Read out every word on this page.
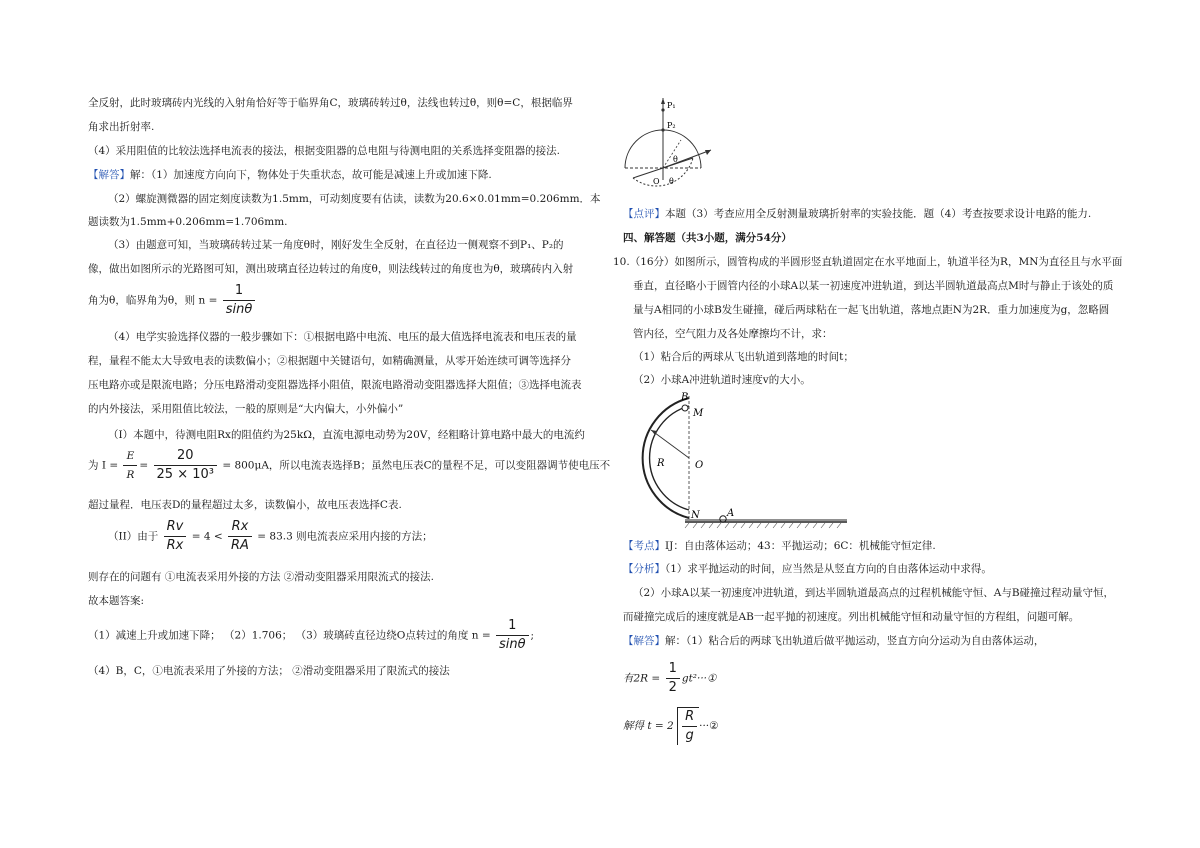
全反射，此时玻璃砖内光线的入射角恰好等于临界角C，玻璃砖转过θ，法线也转过θ，则θ=C，根据临界
角求出折射率.
（4）采用阻值的比较法选择电流表的接法，根据变阻器的总电阻与待测电阻的关系选择变阻器的接法.
【解答】解：（1）加速度方向向下，物体处于失重状态，故可能是减速上升或加速下降.
（2）螺旋测微器的固定刻度读数为1.5mm，可动刻度要有估读，读数为20.6×0.01mm=0.206mm．本
题读数为1.5mm+0.206mm=1.706mm.
（3）由题意可知，当玻璃砖转过某一角度θ时，刚好发生全反射，在直径边一侧观察不到P₁、P₂的
像，做出如图所示的光路图可知，测出玻璃直径边转过的角度θ，则法线转过的角度也为θ，玻璃砖内入射
角为θ，临界角为θ，则 $n = \frac{1}{\sin\theta}$
（4）电学实验选择仪器的一般步骤如下：①根据电路中电流、电压的最大值选择电流表和电压表的量
程，量程不能太大导致电表的读数偏小；②根据题中关键语句，如精确测量，从零开始连续可调等选择分
压电路亦或是限流电路；分压电路滑动变阻器选择小阻值，限流电路滑动变阻器选择大阻值；③选择电流表
的内外接法，采用阻值比较法，一般的原则是“大内偏大，小外偏小”
（I）本题中，待测电阻Rx的阻值约为25kΩ，直流电源电动势为20V，经粗略计算电路中最大的电流约
为 $I = \frac{E}{R} = \frac{20}{\text{25 × 10³}} = 800\mu A$，所以电流表选择B；虽然电压表C的量程不足，可以变阻器调节使电压不
超过量程．电压表D的量程超过太多，读数偏小，故电压表选择C表.
（II）由于 $\frac{Rv}{Rx} = 4 < \frac{Rx}{RA} = 83.3$ 则电流表应采用内接的方法；
则存在的问题有 ①电流表采用外接的方法 ②滑动变阻器采用限流式的接法.
故本题答案:
（1）减速上升或加速下降； （2）1.706； （3）玻璃砖直径边绕O点转过的角度 $n = \frac{1}{\sin\theta}$ ;
（4）B，C，①电流表采用了外接的方法； ②滑动变阻器采用了限流式的接法
P₁
P₂
θ
O θ
【点评】本题（3）考查应用全反射测量玻璃折射率的实验技能．题（4）考查按要求设计电路的能力.
四、解答题（共3小题，满分54分）
10.（16分）如图所示，圆管构成的半圆形竖直轨道固定在水平地面上，轨道半径为R，MN为直径且与水平面
垂直，直径略小于圆管内径的小球A以某一初速度冲进轨道，到达半圆轨道最高点M时与静止于该处的质
量与A相同的小球B发生碰撞，碰后两球粘在一起飞出轨道，落地点距N为2R．重力加速度为g，忽略圆
管内径，空气阻力及各处摩擦均不计，求：
（1）粘合后的两球从飞出轨道到落地的时间t；
（2）小球A冲进轨道时速度v的大小。
B
M
R	O
N	A
【考点】IJ：自由落体运动；43：平抛运动；6C：机械能守恒定律.
【分析】（1）求平抛运动的时间，应当然是从竖直方向的自由落体运动中求得。
（2）小球A以某一初速度冲进轨道，到达半圆轨道最高点的过程机械能守恒、A与B碰撞过程动量守恒，
而碰撞完成后的速度就是AB一起平抛的初速度。列出机械能守恒和动量守恒的方程组，问题可解。
【解答】解：（1）粘合后的两球飞出轨道后做平抛运动，竖直方向分运动为自由落体运动，
有$2R = \frac{1}{2}$ gt²···①
解得 $t = 2 \frac{R}{g}$ ···②
